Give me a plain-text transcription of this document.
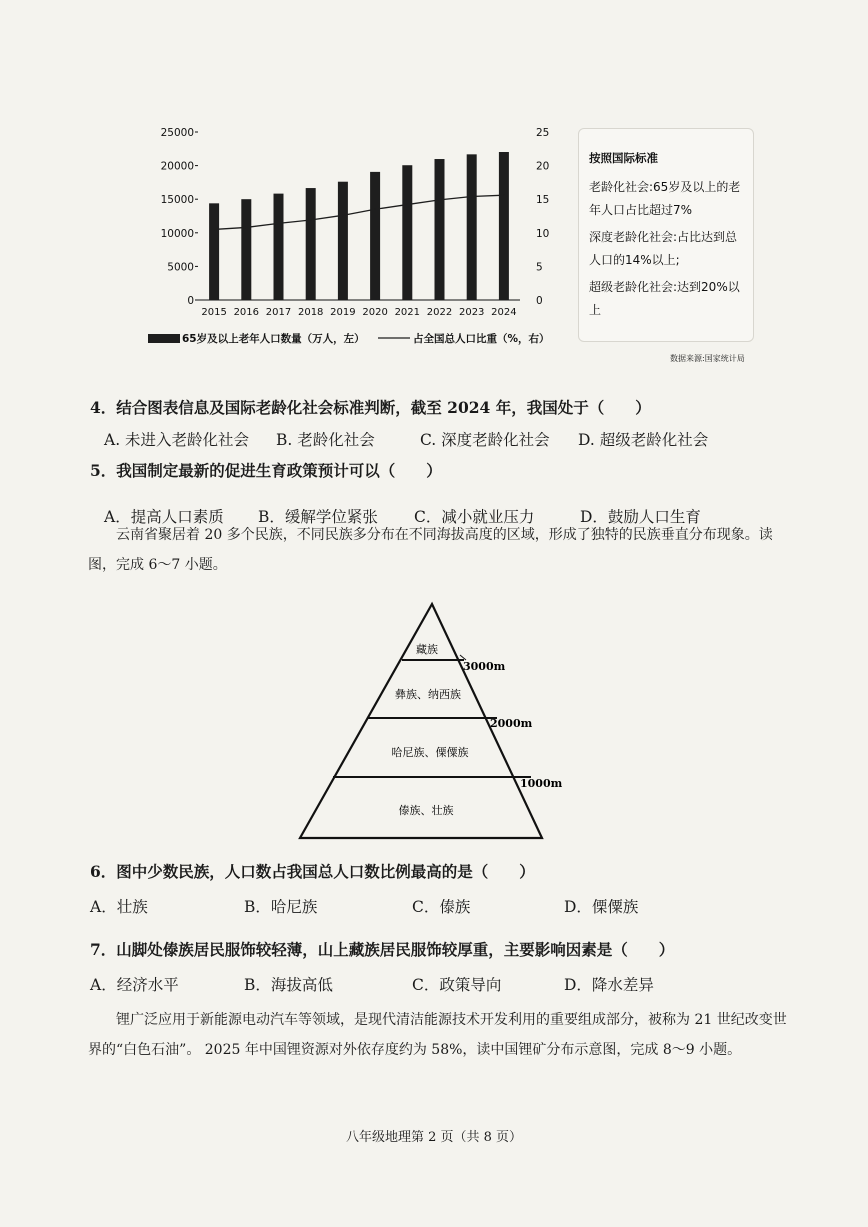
0
5000
10000
15000
20000
25000
0
5
10
15
20
25
2015 2016 2017 2018 2019 2020 2021 2022 2023 2024
65岁及以上老年人口数量（万人，左）	占全国总人口比重（%，右）
按照国际标准
老龄化社会:65岁及以上的老年人口占比超过7%
深度老龄化社会:占比达到总人口的14%以上;
超级老龄化社会:达到20%以上
数据来源:国家统计局
4．结合图表信息及国际老龄化社会标准判断，截至 2024 年，我国处于（　　）
A. 未进入老龄化社会 B. 老龄化社会	C. 深度老龄化社会 D. 超级老龄化社会
5．我国制定最新的促进生育政策预计可以（　　）
A．提高人口素质 B．缓解学位紧张 C．减小就业压力	D．鼓励人口生育
云南省聚居着 20 多个民族，不同民族多分布在不同海拔高度的区域，形成了独特的民族垂直分布现象。读图，完成 6～7 小题。
藏族
彝族、纳西族
哈尼族、傈僳族
傣族、壮族
3000m
2000m
1000m
6．图中少数民族，人口数占我国总人口数比例最高的是（　　）
A．壮族	B．哈尼族	C．傣族	D．傈僳族
7．山脚处傣族居民服饰较轻薄，山上藏族居民服饰较厚重，主要影响因素是（　　）
A．经济水平	B．海拔高低	C．政策导向	D．降水差异
锂广泛应用于新能源电动汽车等领域，是现代清洁能源技术开发利用的重要组成部分，被称为 21 世纪改变世界的“白色石油”。 2025 年中国锂资源对外依存度约为 58%，读中国锂矿分布示意图，完成 8～9 小题。
八年级地理第 2 页（共 8 页）
